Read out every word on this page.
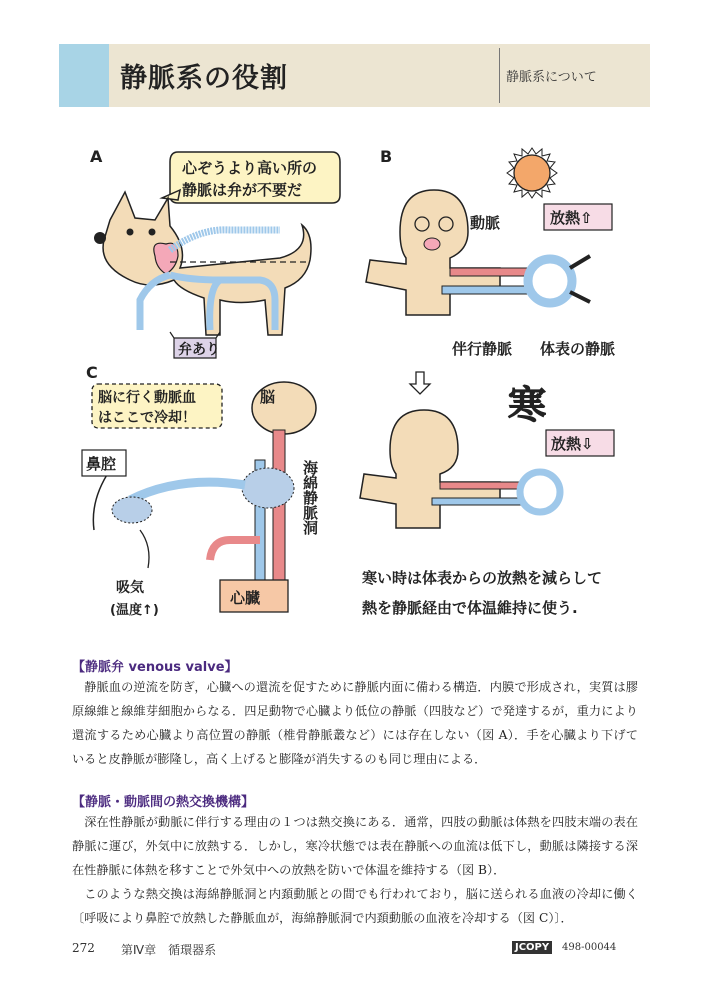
静脈系の役割	静脈系について
A
心ぞうより高い所の
静脈は弁が不要だ
弁あり
B
動脈	放熱⇧
伴行静脈 体表の静脈
寒
放熱⇩
寒い時は体表からの放熱を減らして
熱を静脈経由で体温維持に使う.
C
脳に行く動脈血
はここで冷却！
脳
海綿静脈洞
鼻腔
吸気
(温度↑)
心臓
【静脈弁 venous valve】

静脈血の逆流を防ぎ，心臓への還流を促すために静脈内面に備わる構造．内膜で形成され，実質は膠原線維と線維芽細胞からなる．四足動物で心臓より低位の静脈（四肢など）で発達するが，重力により還流するため心臓より高位置の静脈（椎骨静脈叢など）には存在しない（図 A）．手を心臓より下げていると皮静脈が膨隆し，高く上げると膨隆が消失するのも同じ理由による．

【静脈・動脈間の熱交換機構】

深在性静脈が動脈に伴行する理由の１つは熱交換にある．通常，四肢の動脈は体熱を四肢末端の表在静脈に運び，外気中に放熱する．しかし，寒冷状態では表在静脈への血流は低下し，動脈は隣接する深在性静脈に体熱を移すことで外気中への放熱を防いで体温を維持する（図 B）．

このような熱交換は海綿静脈洞と内頚動脈との間でも行われており，脳に送られる血液の冷却に働く〔呼吸により鼻腔で放熱した静脈血が，海綿静脈洞で内頚動脈の血液を冷却する（図 C）〕．

272 第Ⅳ章　循環器系	JCOPY	498-00044
